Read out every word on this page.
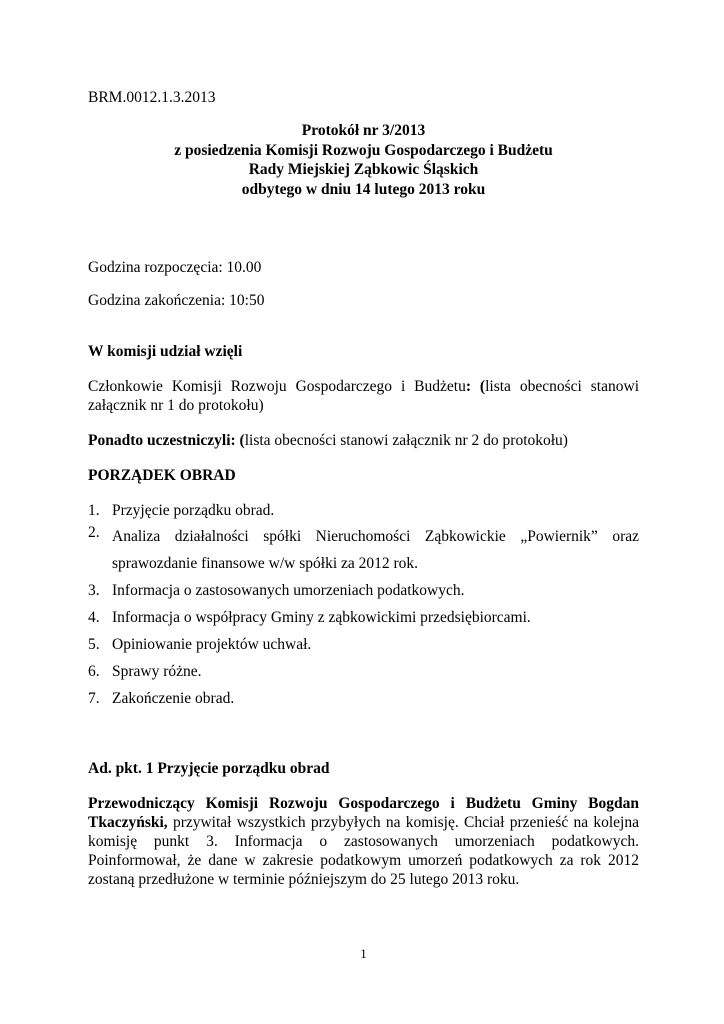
BRM.0012.1.3.2013
Protokół nr 3/2013
z posiedzenia Komisji Rozwoju Gospodarczego i Budżetu
Rady Miejskiej Ząbkowic Śląskich
odbytego w dniu 14 lutego 2013 roku
Godzina rozpoczęcia: 10.00
Godzina zakończenia: 10:50
W komisji udział wzięli
Członkowie Komisji Rozwoju Gospodarczego i Budżetu: (lista obecności stanowi załącznik nr 1 do protokołu)
Ponadto uczestniczyli: (lista obecności stanowi załącznik nr 2 do protokołu)
PORZĄDEK OBRAD
1. Przyjęcie porządku obrad.
2. Analiza działalności spółki Nieruchomości Ząbkowickie „Powiernik” oraz sprawozdanie finansowe w/w spółki za 2012 rok.
3. Informacja o zastosowanych umorzeniach podatkowych.
4. Informacja o współpracy Gminy z ząbkowickimi przedsiębiorcami.
5. Opiniowanie projektów uchwał.
6. Sprawy różne.
7. Zakończenie obrad.
Ad. pkt. 1 Przyjęcie porządku obrad
Przewodniczący Komisji Rozwoju Gospodarczego i Budżetu Gminy Bogdan Tkaczyński, przywitał wszystkich przybyłych na komisję. Chciał przenieść na kolejna komisję punkt 3. Informacja o zastosowanych umorzeniach podatkowych. Poinformował, że dane w zakresie podatkowym umorzeń podatkowych za rok 2012 zostaną przedłużone w terminie późniejszym do 25 lutego 2013 roku.
1
